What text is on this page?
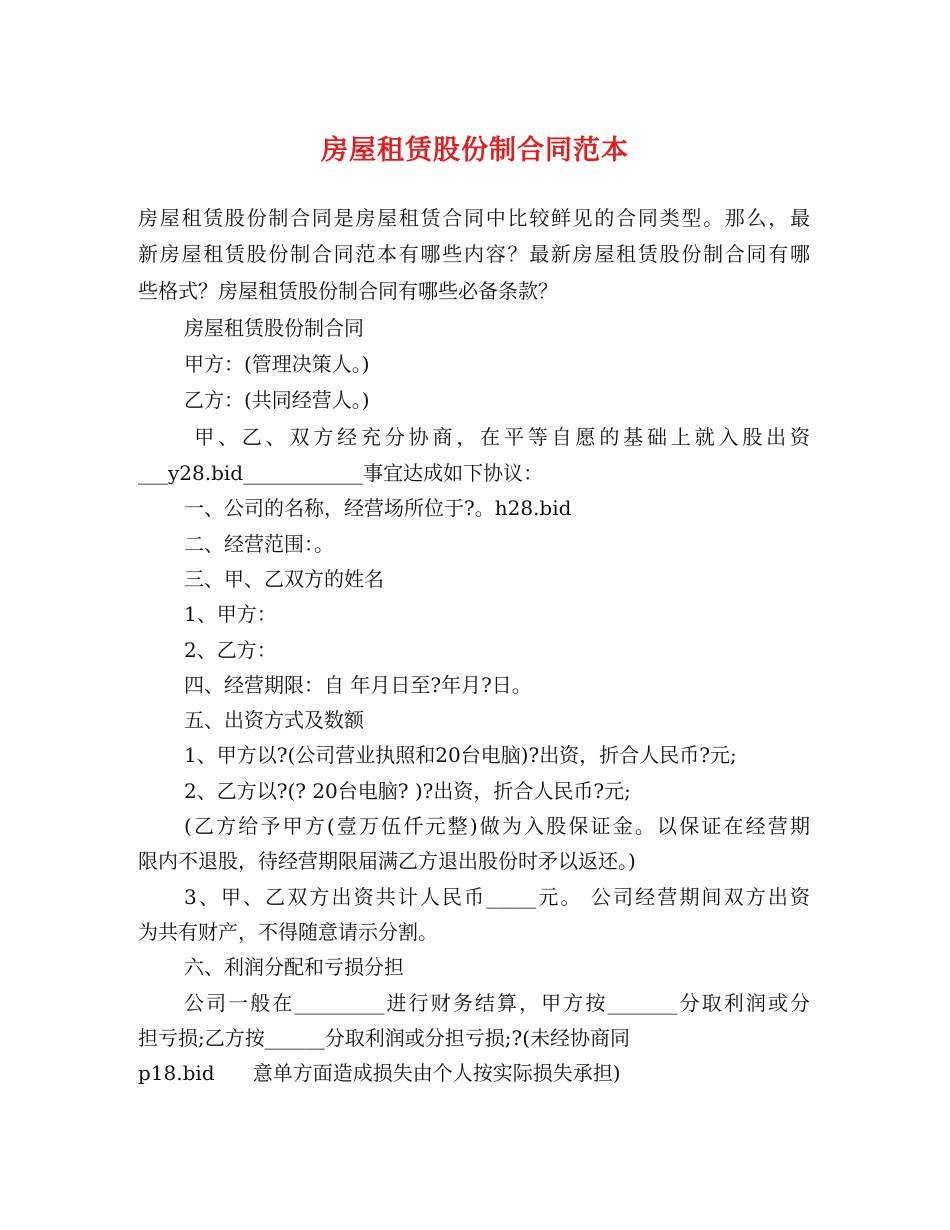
房屋租赁股份制合同范本
房屋租赁股份制合同是房屋租赁合同中比较鲜见的合同类型。那么，最
新房屋租赁股份制合同范本有哪些内容？最新房屋租赁股份制合同有哪
些格式？房屋租赁股份制合同有哪些必备条款？
房屋租赁股份制合同
甲方：(管理决策人。)
乙方：(共同经营人。)
甲、乙、双方经充分协商，在平等自愿的基础上就入股出资
___y28.bid____________事宜达成如下协议：
一、公司的名称，经营场所位于?。h28.bid
二、经营范围：。
三、甲、乙双方的姓名
1、甲方：
2、乙方：
四、经营期限：自 年月日至?年月?日。
五、出资方式及数额
1、甲方以?(公司营业执照和20台电脑)?出资，折合人民币?元;
2、乙方以?(? 20台电脑? )?出资，折合人民币?元;
(乙方给予甲方(壹万伍仟元整)做为入股保证金。以保证在经营期
限内不退股，待经营期限届满乙方退出股份时矛以返还。)
3、甲、乙双方出资共计人民币_____元。 公司经营期间双方出资
为共有财产，不得随意请示分割。
六、利润分配和亏损分担
公司一般在_________进行财务结算，甲方按_______分取利润或分
担亏损;乙方按______分取利润或分担亏损;?(未经协商同
p18.bid      意单方面造成损失由个人按实际损失承担)
